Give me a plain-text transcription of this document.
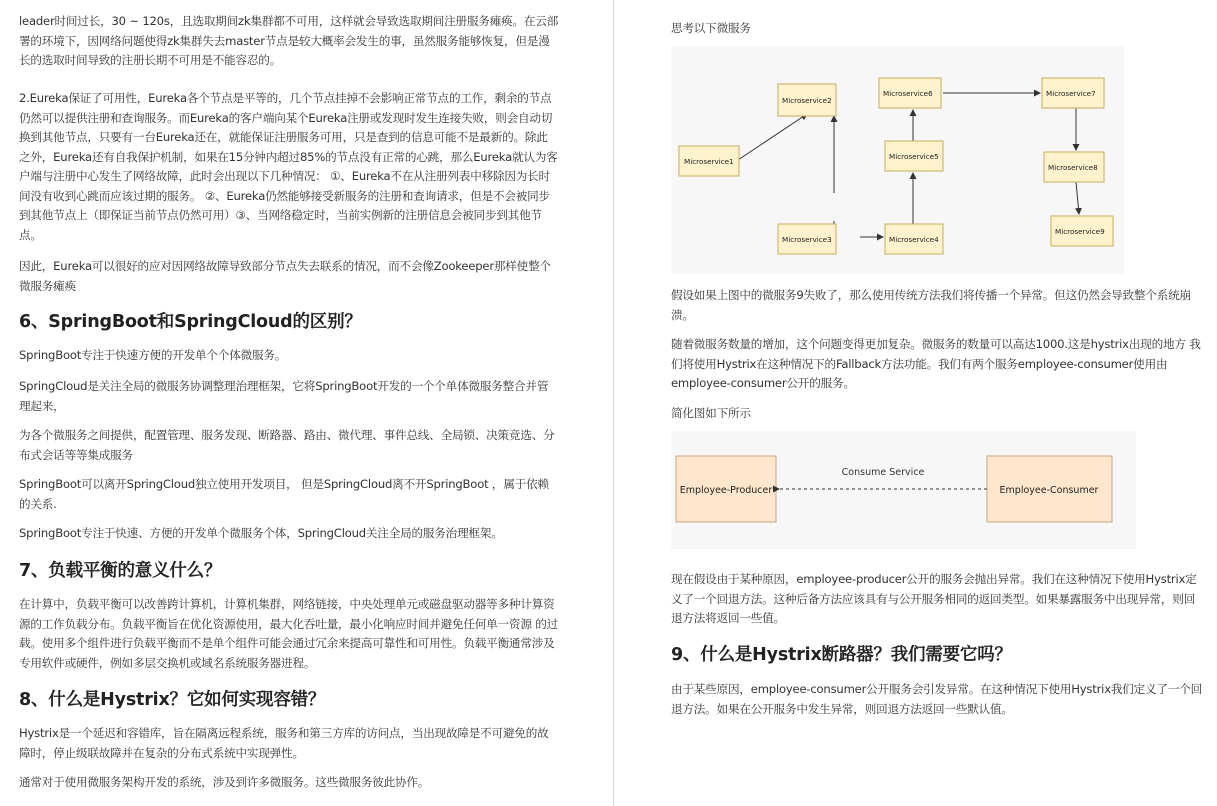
leader时间过长，30 ~ 120s，且选取期间zk集群都不可用，这样就会导致选取期间注册服务瘫痪。在云部署的环境下，因网络问题使得zk集群失去master节点是较大概率会发生的事，虽然服务能够恢复，但是漫长的选取时间导致的注册长期不可用是不能容忍的。

2.Eureka保证了可用性，Eureka各个节点是平等的，几个节点挂掉不会影响正常节点的工作，剩余的节点仍然可以提供注册和查询服务。而Eureka的客户端向某个Eureka注册或发现时发生连接失败，则会自动切换到其他节点，只要有一台Eureka还在，就能保证注册服务可用，只是查到的信息可能不是最新的。除此之外，Eureka还有自我保护机制，如果在15分钟内超过85%的节点没有正常的心跳，那么Eureka就认为客户端与注册中心发生了网络故障，此时会出现以下几种情况： ①、Eureka不在从注册列表中移除因为长时间没有收到心跳而应该过期的服务。 ②、Eureka仍然能够接受新服务的注册和查询请求，但是不会被同步到其他节点上（即保证当前节点仍然可用）③、当网络稳定时，当前实例新的注册信息会被同步到其他节点。

因此，Eureka可以很好的应对因网络故障导致部分节点失去联系的情况，而不会像Zookeeper那样使整个微服务瘫痪

6、SpringBoot和SpringCloud的区别？

SpringBoot专注于快速方便的开发单个个体微服务。

SpringCloud是关注全局的微服务协调整理治理框架，它将SpringBoot开发的一个个单体微服务整合并管理起来，

为各个微服务之间提供，配置管理、服务发现、断路器、路由、微代理、事件总线、全局锁、决策竞选、分布式会话等等集成服务

SpringBoot可以离开SpringCloud独立使用开发项目， 但是SpringCloud离不开SpringBoot ，属于依赖的关系.

SpringBoot专注于快速、方便的开发单个微服务个体，SpringCloud关注全局的服务治理框架。

7、负载平衡的意义什么？

在计算中，负载平衡可以改善跨计算机，计算机集群，网络链接，中央处理单元或磁盘驱动器等多种计算资源的工作负载分布。负载平衡旨在优化资源使用，最大化吞吐量，最小化响应时间并避免任何单一资源 的过载。使用多个组件进行负载平衡而不是单个组件可能会通过冗余来提高可靠性和可用性。负载平衡通常涉及专用软件或硬件，例如多层交换机或域名系统服务器进程。

8、什么是Hystrix？它如何实现容错？

Hystrix是一个延迟和容错库，旨在隔离远程系统，服务和第三方库的访问点，当出现故障是不可避免的故障时，停止级联故障并在复杂的分布式系统中实现弹性。

通常对于使用微服务架构开发的系统，涉及到许多微服务。这些微服务彼此协作。

思考以下微服务

Microservice1
Microservice2
Microservice3	Microservice4
Microservice5
Microservice6	Microservice7
Microservice8
Microservice9

假设如果上图中的微服务9失败了，那么使用传统方法我们将传播一个异常。但这仍然会导致整个系统崩溃。

随着微服务数量的增加，这个问题变得更加复杂。微服务的数量可以高达1000.这是hystrix出现的地方 我们将使用Hystrix在这种情况下的Fallback方法功能。我们有两个服务employee-consumer使用由employee-consumer公开的服务。

简化图如下所示

Employee-Producer	Employee-Consumer
Consume Service

现在假设由于某种原因，employee-producer公开的服务会抛出异常。我们在这种情况下使用Hystrix定义了一个回退方法。这种后备方法应该具有与公开服务相同的返回类型。如果暴露服务中出现异常，则回退方法将返回一些值。

9、什么是Hystrix断路器？我们需要它吗？

由于某些原因，employee-consumer公开服务会引发异常。在这种情况下使用Hystrix我们定义了一个回退方法。如果在公开服务中发生异常，则回退方法返回一些默认值。
